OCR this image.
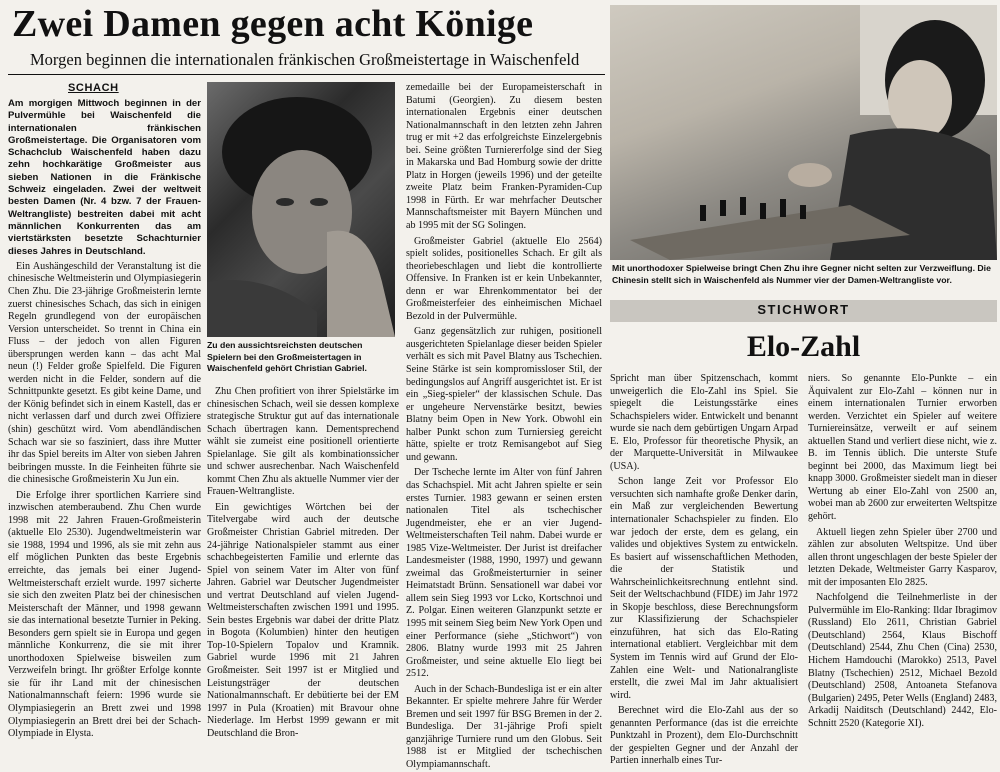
Zwei Damen gegen acht Könige
Morgen beginnen die internationalen fränkischen Großmeistertage in Waischenfeld
SCHACH

Am morgigen Mittwoch beginnen in der Pulvermühle bei Waischenfeld die internationalen fränkischen Großmeistertage. Die Organisatoren vom Schachclub Waischenfeld haben dazu zehn hochkarätige Großmeister aus sieben Nationen in die Fränkische Schweiz eingeladen. Zwei der weltweit besten Damen (Nr. 4 bzw. 7 der Frauen-Weltrangliste) bestreiten dabei mit acht männlichen Konkurrenten das am viertstärksten besetzte Schachturnier dieses Jahres in Deutschland.

Ein Aushängeschild der Veranstaltung ist die chinesische Weltmeisterin und Olympiasiegerin Chen Zhu. Die 23-jährige Großmeisterin lernte zuerst chinesisches Schach, das sich in einigen Regeln grundlegend von der europäischen Version unterscheidet. So trennt in China ein Fluss – der jedoch von allen Figuren übersprungen werden kann – das acht Mal neun (!) Felder große Spielfeld. Die Figuren werden nicht in die Felder, sondern auf die Schnittpunkte gesetzt. Es gibt keine Dame, und der König befindet sich in einem Kastell, das er nicht verlassen darf und durch zwei Offiziere (shin) geschützt wird. Vom abendländischen Schach war sie so fasziniert, dass ihre Mutter ihr das Spiel bereits im Alter von sieben Jahren beibringen musste. In die Feinheiten führte sie die chinesische Großmeisterin Xu Jun ein.

Die Erfolge ihrer sportlichen Karriere sind inzwischen atemberaubend. Zhu Chen wurde 1998 mit 22 Jahren Frauen-Großmeisterin (aktuelle Elo 2530). Jugendweltmeisterin war sie 1988, 1994 und 1996, als sie mit zehn aus elf möglichen Punkten das beste Ergebnis erreichte, das jemals bei einer Jugend-Weltmeisterschaft erzielt wurde. 1997 sicherte sie sich den zweiten Platz bei der chinesischen Meisterschaft der Männer, und 1998 gewann sie das international besetzte Turnier in Peking. Besonders gern spielt sie in Europa und gegen männliche Konkurrenz, die sie mit ihrer unorthodoxen Spielweise bisweilen zum Verzweifeln bringt. Ihr größter Erfolge konnte sie für ihr Land mit der chinesischen Nationalmannschaft feiern: 1996 wurde sie Olympiasiegerin an Brett zwei und 1998 Olympiasiegerin an Brett drei bei der Schach-Olympiade in Elysta.

Zu den aussichtsreichsten deutschen Spielern bei den Großmeistertagen in Waischenfeld gehört Christian Gabriel.

Zhu Chen profitiert von ihrer Spielstärke im chinesischen Schach, weil sie dessen komplexe strategische Struktur gut auf das internationale Schach übertragen kann. Dementsprechend wählt sie zumeist eine positionell orientierte Spielanlage. Sie gilt als kombinationssicher und schwer ausrechenbar. Nach Waischenfeld kommt Chen Zhu als aktuelle Nummer vier der Frauen-Weltrangliste.

Ein gewichtiges Wörtchen bei der Titelvergabe wird auch der deutsche Großmeister Christian Gabriel mitreden. Der 24-jährige Nationalspieler stammt aus einer schachbegeisterten Familie und erlernte das Spiel von seinem Vater im Alter von fünf Jahren. Gabriel war Deutscher Jugendmeister und vertrat Deutschland auf vielen Jugend-Weltmeisterschaften zwischen 1991 und 1995. Sein bestes Ergebnis war dabei der dritte Platz in Bogota (Kolumbien) hinter den heutigen Top-10-Spielern Topalov und Kramnik. Gabriel wurde 1996 mit 21 Jahren Großmeister. Seit 1997 ist er Mitglied und Leistungsträger der deutschen Nationalmannschaft. Er debütierte bei der EM 1997 in Pula (Kroatien) mit Bravour ohne Niederlage. Im Herbst 1999 gewann er mit Deutschland die Bron-

zemedaille bei der Europameisterschaft in Batumi (Georgien). Zu diesem besten internationalen Ergebnis einer deutschen Nationalmannschaft in den letzten zehn Jahren trug er mit +2 das erfolgreichste Einzelergebnis bei. Seine größten Turniererfolge sind der Sieg in Makarska und Bad Homburg sowie der dritte Platz in Horgen (jeweils 1996) und der geteilte zweite Platz beim Franken-Pyramiden-Cup 1998 in Fürth. Er war mehrfacher Deutscher Mannschaftsmeister mit Bayern München und ab 1995 mit der SG Solingen.

Großmeister Gabriel (aktuelle Elo 2564) spielt solides, positionelles Schach. Er gilt als theoriebeschlagen und liebt die kontrollierte Offensive. In Franken ist er kein Unbekannter, denn er war Ehrenkommentator bei der Großmeisterfeier des einheimischen Michael Bezold in der Pulvermühle.

Ganz gegensätzlich zur ruhigen, positionell ausgerichteten Spielanlage dieser beiden Spieler verhält es sich mit Pavel Blatny aus Tschechien. Seine Stärke ist sein kompromissloser Stil, der bedingungslos auf Angriff ausgerichtet ist. Er ist ein „Sieg-spieler“ der klassischen Schule. Das er ungeheure Nervenstärke besitzt, bewies Blatny beim Open in New York. Obwohl ein halber Punkt schon zum Turniersieg gereicht hätte, spielte er trotz Remisangebot auf Sieg und gewann.

Der Tscheche lernte im Alter von fünf Jahren das Schachspiel. Mit acht Jahren spielte er sein erstes Turnier. 1983 gewann er seinen ersten nationalen Titel als tschechischer Jugendmeister, ehe er an vier Jugend-Weltmeisterschaften Teil nahm. Dabei wurde er 1985 Vize-Weltmeister. Der Jurist ist dreifacher Landesmeister (1988, 1990, 1997) und gewann zweimal das Großmeisterturnier in seiner Heimatstadt Brünn. Sensationell war dabei vor allem sein Sieg 1993 vor Lcko, Kortschnoi und Z. Polgar. Einen weiteren Glanzpunkt setzte er 1995 mit seinem Sieg beim New York Open und einer Performance (siehe „Stichwort“) von 2806. Blatny wurde 1993 mit 25 Jahren Großmeister, und seine aktuelle Elo liegt bei 2512.

Auch in der Schach-Bundesliga ist er ein alter Bekannter. Er spielte mehrere Jahre für Werder Bremen und seit 1997 für BSG Bremen in der 2. Bundesliga. Der 31-jährige Profi spielt ganzjährige Turniere rund um den Globus. Seit 1988 ist er Mitglied der tschechischen Olympiamannschaft.

Mit unorthodoxer Spielweise bringt Chen Zhu ihre Gegner nicht selten zur Verzweiflung. Die Chinesin stellt sich in Waischenfeld als Nummer vier der Damen-Weltrangliste vor.
STICHWORT
Elo-Zahl

Spricht man über Spitzenschach, kommt unweigerlich die Elo-Zahl ins Spiel. Sie spiegelt die Leistungsstärke eines Schachspielers wider. Entwickelt und benannt wurde sie nach dem gebürtigen Ungarn Arpad E. Elo, Professor für theoretische Physik, an der Marquette-Universität in Milwaukee (USA).

Schon lange Zeit vor Professor Elo versuchten sich namhafte große Denker darin, ein Maß zur vergleichenden Bewertung internationaler Schachspieler zu finden. Elo war jedoch der erste, dem es gelang, ein valides und objektives System zu entwickeln. Es basiert auf wissenschaftlichen Methoden, die der Statistik und Wahrscheinlichkeitsrechnung entlehnt sind. Seit der Weltschachbund (FIDE) im Jahr 1972 in Skopje beschloss, diese Berechnungsform zur Klassifizierung der Schachspieler einzuführen, hat sich das Elo-Rating international etabliert. Vergleichbar mit dem System im Tennis wird auf Grund der Elo-Zahlen eine Welt- und Nationalrangliste erstellt, die zwei Mal im Jahr aktualisiert wird.

Berechnet wird die Elo-Zahl aus der so genannten Performance (das ist die erreichte Punktzahl in Prozent), dem Elo-Durchschnitt der gespielten Gegner und der Anzahl der Partien innerhalb eines Tur-

niers. So genannte Elo-Punkte – ein Äquivalent zur Elo-Zahl – können nur in einem internationalen Turnier erworben werden. Verzichtet ein Spieler auf weitere Turniereinsätze, verweilt er auf seinem aktuellen Stand und verliert diese nicht, wie z. B. im Tennis üblich. Die unterste Stufe beginnt bei 2000, das Maximum liegt bei knapp 3000. Großmeister siedelt man in dieser Wertung ab einer Elo-Zahl von 2500 an, wobei man ab 2600 zur erweiterten Weltspitze gehört.

Aktuell liegen zehn Spieler über 2700 und zählen zur absoluten Weltspitze. Und über allen thront ungeschlagen der beste Spieler der letzten Dekade, Weltmeister Garry Kasparov, mit der imposanten Elo 2825.

Nachfolgend die Teilnehmerliste in der Pulvermühle im Elo-Ranking: Ildar Ibragimov (Russland) Elo 2611, Christian Gabriel (Deutschland) 2564, Klaus Bischoff (Deutschland) 2544, Zhu Chen (Cina) 2530, Hichem Hamdouchi (Marokko) 2513, Pavel Blatny (Tschechien) 2512, Michael Bezold (Deutschland) 2508, Antoaneta Stefanova (Bulgarien) 2495, Peter Wells (England) 2483, Arkadij Naiditsch (Deutschland) 2442, Elo-Schnitt 2520 (Kategorie XI).
